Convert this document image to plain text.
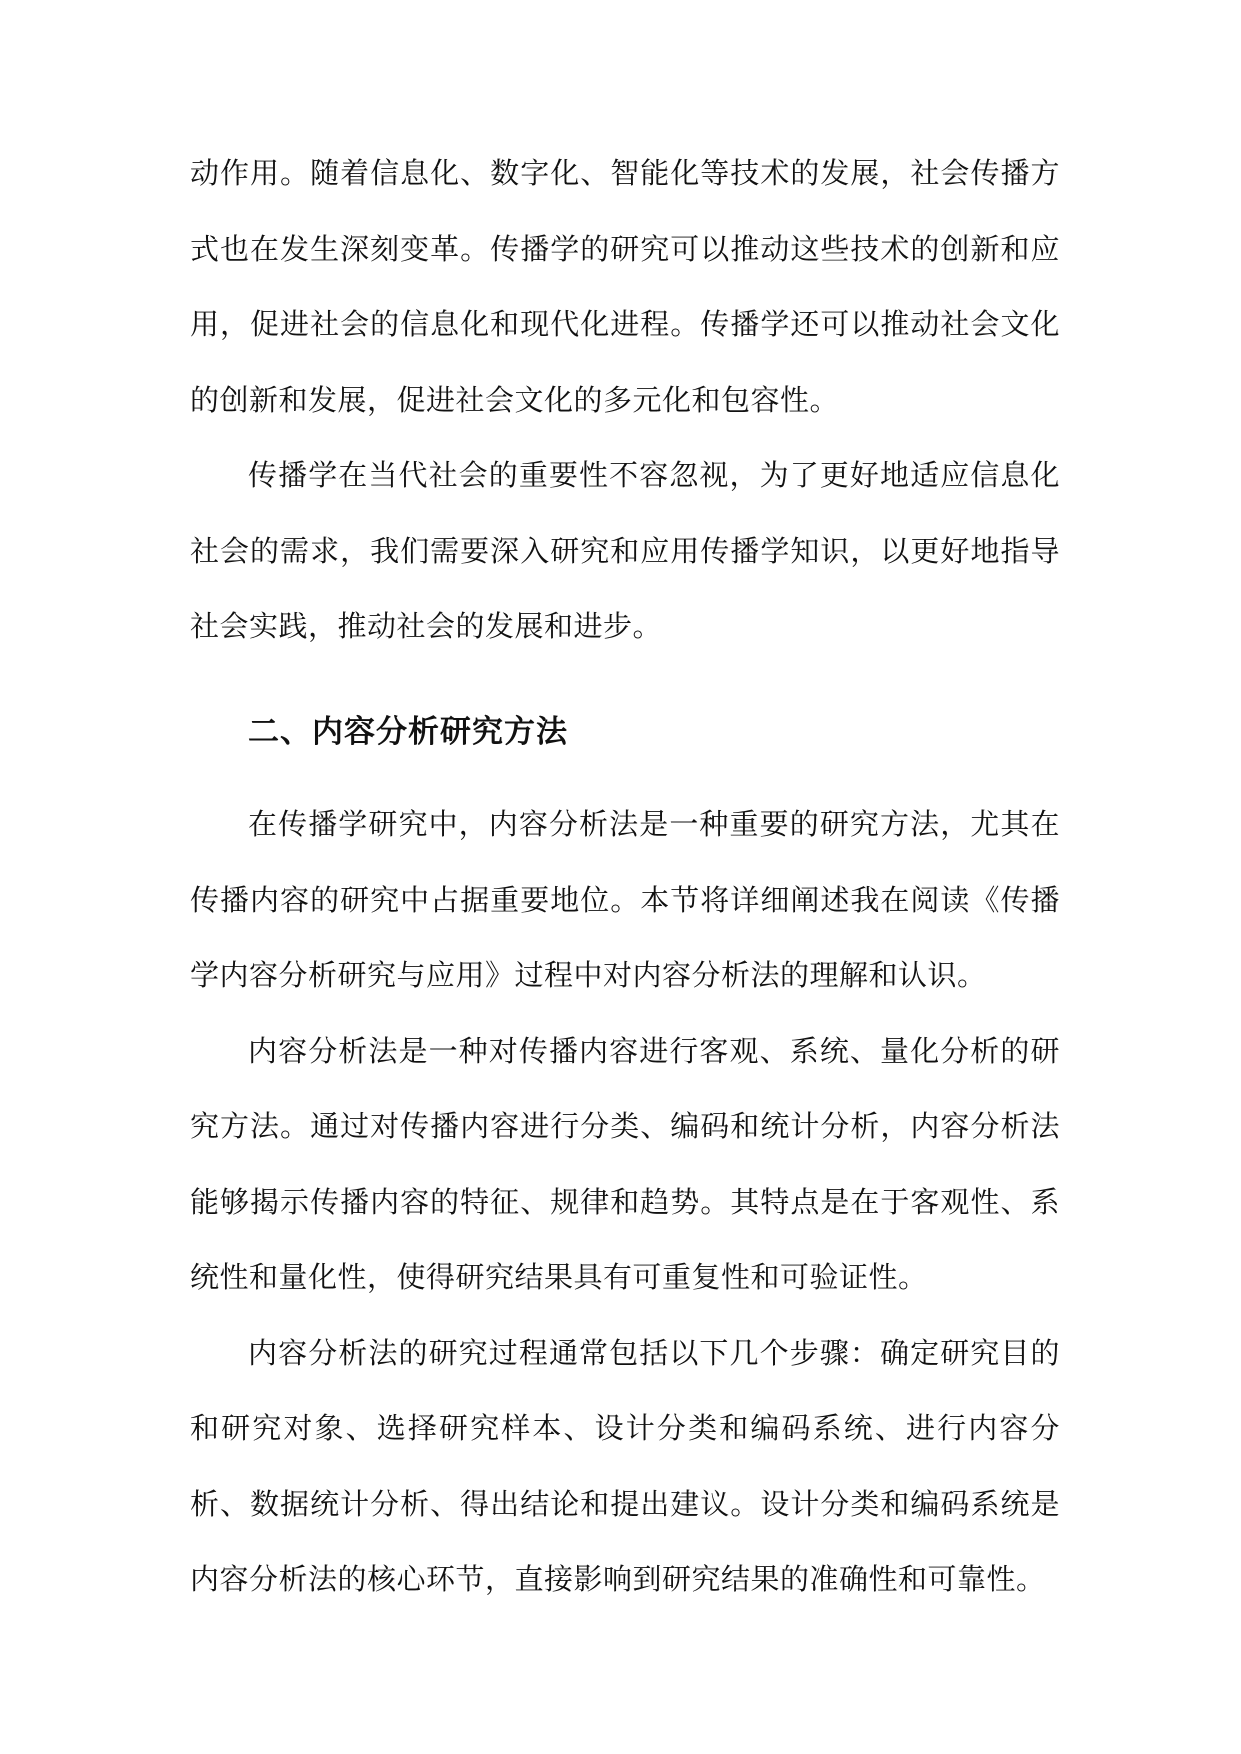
动作用。随着信息化、数字化、智能化等技术的发展，社会传播方式也在发生深刻变革。传播学的研究可以推动这些技术的创新和应用，促进社会的信息化和现代化进程。传播学还可以推动社会文化的创新和发展，促进社会文化的多元化和包容性。

传播学在当代社会的重要性不容忽视，为了更好地适应信息化社会的需求，我们需要深入研究和应用传播学知识，以更好地指导社会实践，推动社会的发展和进步。

二、内容分析研究方法

在传播学研究中，内容分析法是一种重要的研究方法，尤其在传播内容的研究中占据重要地位。本节将详细阐述我在阅读《传播学内容分析研究与应用》过程中对内容分析法的理解和认识。

内容分析法是一种对传播内容进行客观、系统、量化分析的研究方法。通过对传播内容进行分类、编码和统计分析，内容分析法能够揭示传播内容的特征、规律和趋势。其特点是在于客观性、系统性和量化性，使得研究结果具有可重复性和可验证性。

内容分析法的研究过程通常包括以下几个步骤：确定研究目的和研究对象、选择研究样本、设计分类和编码系统、进行内容分析、数据统计分析、得出结论和提出建议。设计分类和编码系统是内容分析法的核心环节，直接影响到研究结果的准确性和可靠性。
